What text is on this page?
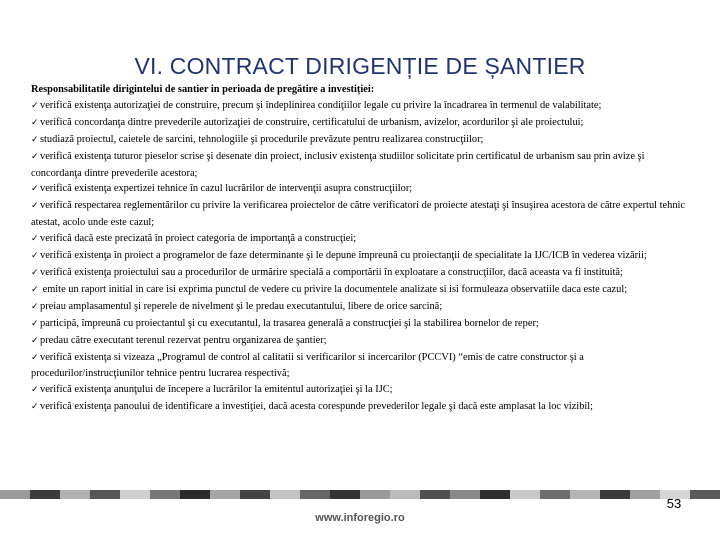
VI. CONTRACT DIRIGENȚIE DE ȘANTIER
Responsabilitatile dirigintelui de santier in perioada de pregătire a investiției:
✓verifică existenţa autorizaţiei de construire, precum şi îndeplinirea condiţiilor legale cu privire la încadrarea în termenul de valabilitate;
✓verifică concordanţa dintre prevederile autorizaţiei de construire, certificatului de urbanism, avizelor, acordurilor şi ale proiectului;
✓studiază proiectul, caietele de sarcini, tehnologiile şi procedurile prevăzute pentru realizarea construcţiilor;
✓verifică existenţa tuturor pieselor scrise şi desenate din proiect, inclusiv existenţa studiilor solicitate prin certificatul de urbanism sau prin avize şi concordanţa dintre prevederile acestora;
✓verifică existenţa expertizei tehnice în cazul lucrărilor de intervenţii asupra construcţiilor;
✓verifică respectarea reglementărilor cu privire la verificarea proiectelor de către verificatori de proiecte atestaţi şi însuşirea acestora de către expertul tehnic atestat, acolo unde este cazul;
✓verifică dacă este precizată în proiect categoria de importanţă a construcţiei;
✓verifică existenţa în proiect a programelor de faze determinante şi le depune împreună cu proiectanţii de specialitate la IJC/ICB în vederea vizării;
✓verifică existenţa proiectului sau a procedurilor de urmărire specială a comportării în exploatare a construcţiilor, dacă aceasta va fi instituită;
✓ emite un raport initial in care isi exprima punctul de vedere cu privire la documentele analizate si isi formuleaza observatiile daca este cazul;
✓preiau amplasamentul şi reperele de nivelment şi le predau executantului, libere de orice sarcină;
✓participă, împreună cu proiectantul şi cu executantul, la trasarea generală a construcţiei şi la stabilirea bornelor de reper;
✓predau către executant terenul rezervat pentru organizarea de şantier;
✓verifică existenţa si vizeaza „Programul de control al calitatii si verificarilor si incercarilor (PCCVI) “emis de catre constructor şi a procedurilor/instrucţiunilor tehnice pentru lucrarea respectivă;
✓verifică existenţa anunţului de începere a lucrărilor la emitentul autorizaţiei şi la IJC;
✓verifică existenţa panoului de identificare a investiţiei, dacă acesta corespunde prevederilor legale şi dacă este amplasat la loc vizibil;
53
www.inforegio.ro
